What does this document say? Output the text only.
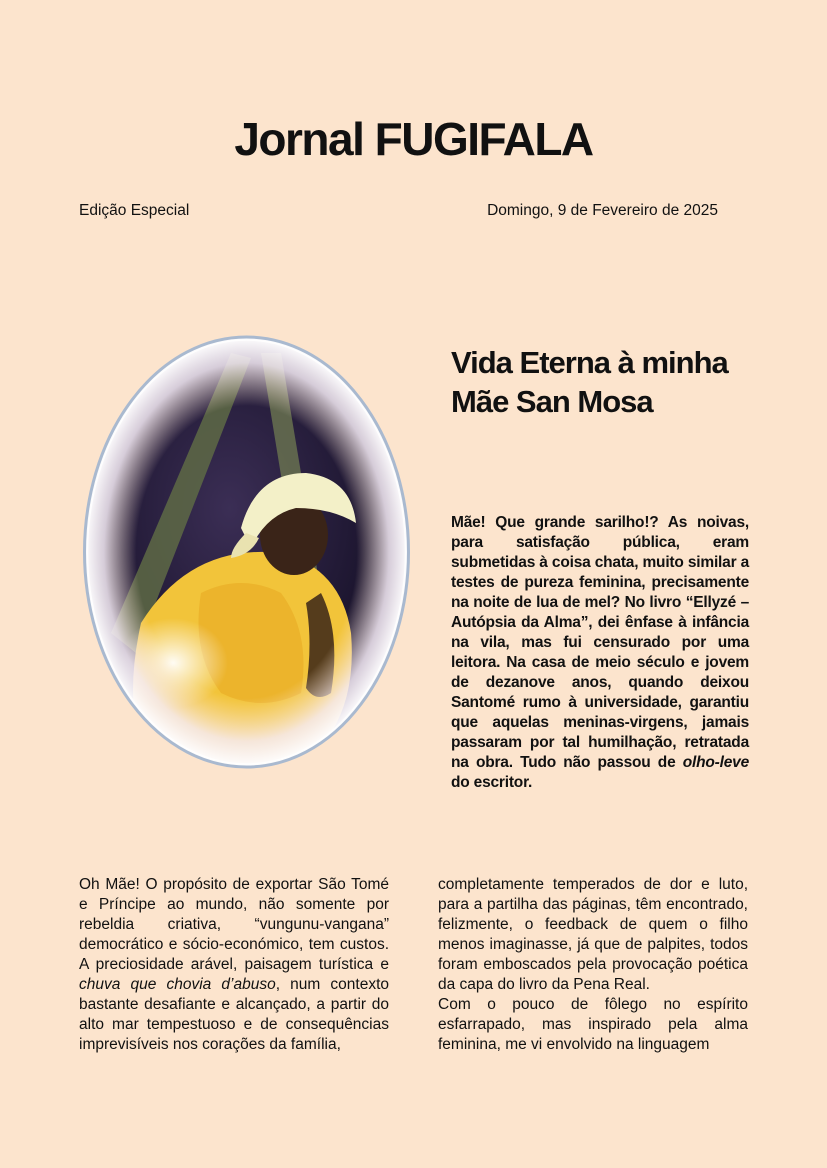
Jornal FUGIFALA
Edição Especial	Domingo, 9 de Fevereiro de 2025
Vida Eterna à minha Mãe San Mosa

Mãe! Que grande sarilho!? As noivas, para satisfação pública, eram submetidas à coisa chata, muito similar a testes de pureza feminina, precisamente na noite de lua de mel? No livro “Ellyzé – Autópsia da Alma”, dei ênfase à infância na vila, mas fui censurado por uma leitora. Na casa de meio século e jovem de dezanove anos, quando deixou Santomé rumo à universidade, garantiu que aquelas meninas-virgens, jamais passaram por tal humilhação, retratada na obra. Tudo não passou de olho-leve do escritor.

Oh Mãe! O propósito de exportar São Tomé e Príncipe ao mundo, não somente por rebeldia criativa, “vungunu-vangana” democrático e sócio-económico, tem custos. A preciosidade arável, paisagem turística e chuva que chovia d’abuso, num contexto bastante desafiante e alcançado, a partir do alto mar tempestuoso e de consequências imprevisíveis nos corações da família,

completamente temperados de dor e luto, para a partilha das páginas, têm encontrado, felizmente, o feedback de quem o filho menos imaginasse, já que de palpites, todos foram emboscados pela provocação poética da capa do livro da Pena Real.

Com o pouco de fôlego no espírito esfarrapado, mas inspirado pela alma feminina, me vi envolvido na linguagem
